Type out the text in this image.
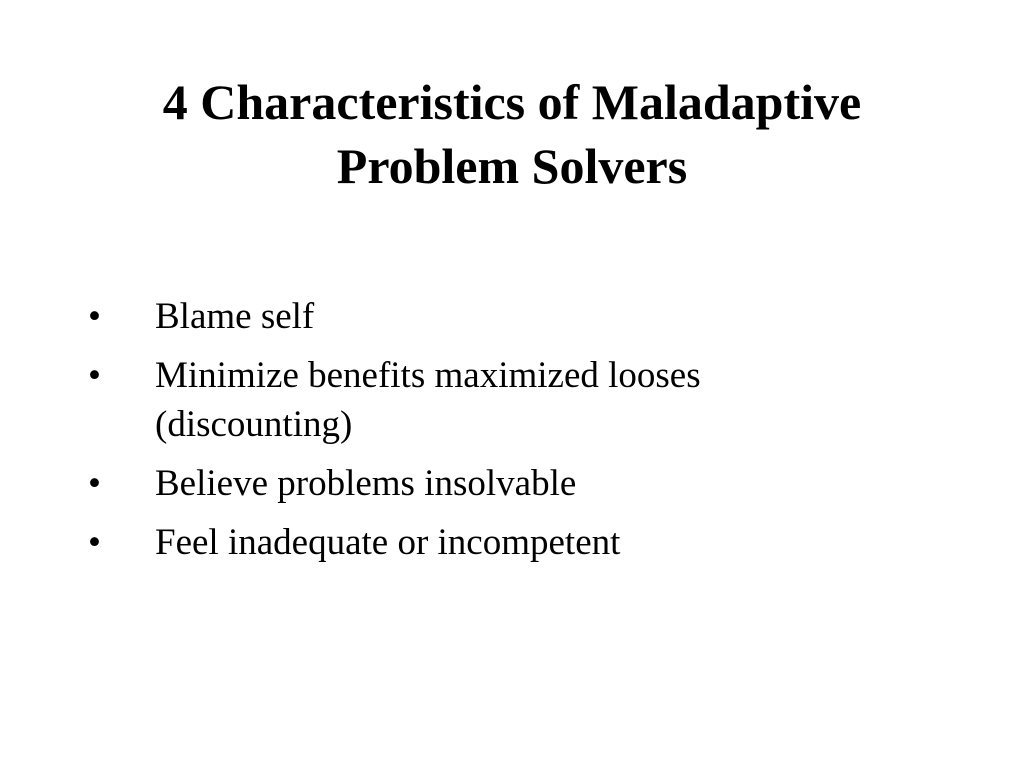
4 Characteristics of Maladaptive
Problem Solvers
•	Blame self
•	Minimize benefits maximized looses
(discounting)
•	Believe problems insolvable
•	Feel inadequate or incompetent
